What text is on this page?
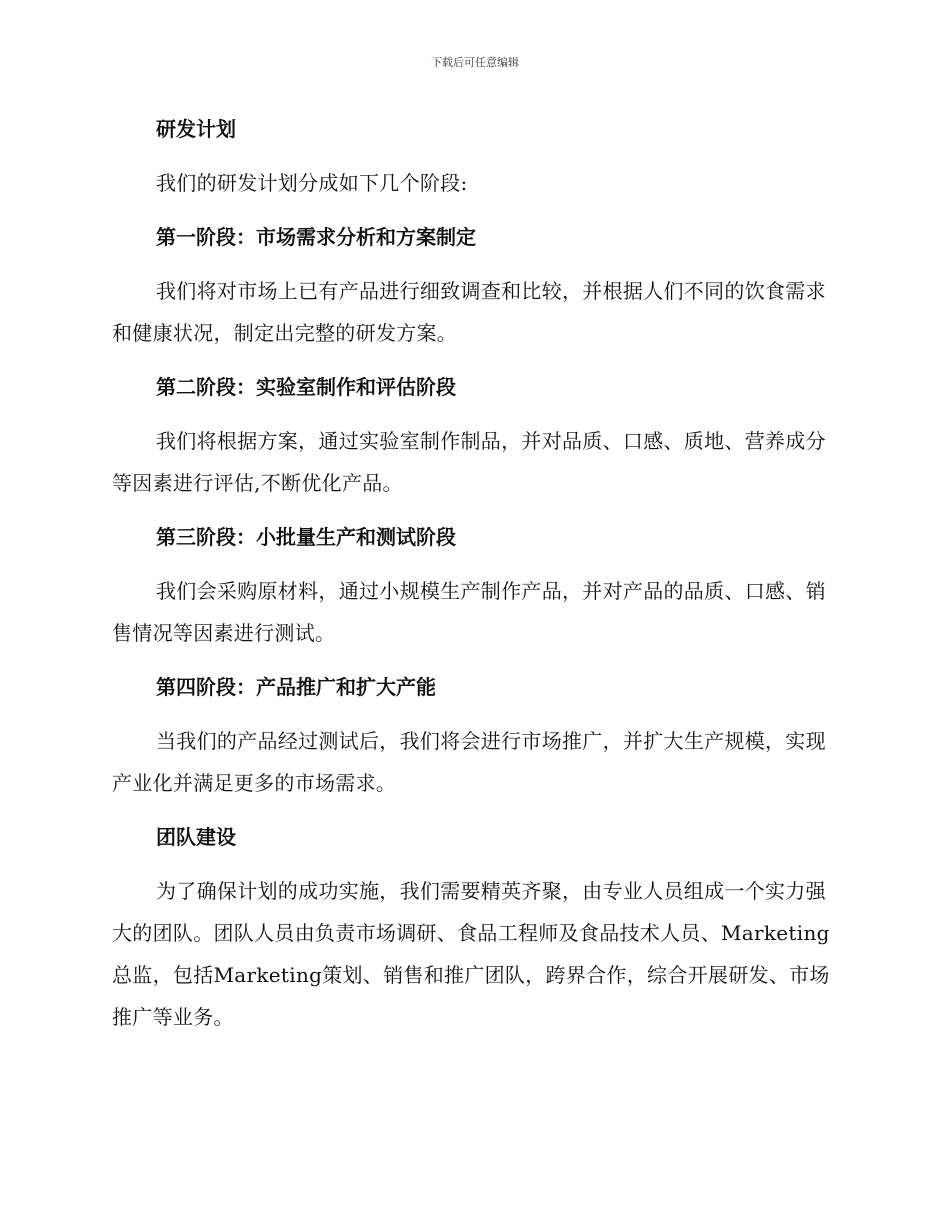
下载后可任意编辑
研发计划
我们的研发计划分成如下几个阶段:
第一阶段：市场需求分析和方案制定
我们将对市场上已有产品进行细致调查和比较，并根据人们不同的饮食需求和健康状况，制定出完整的研发方案。
第二阶段：实验室制作和评估阶段
我们将根据方案，通过实验室制作制品，并对品质、口感、质地、营养成分等因素进行评估,不断优化产品。
第三阶段：小批量生产和测试阶段
我们会采购原材料，通过小规模生产制作产品，并对产品的品质、口感、销售情况等因素进行测试。
第四阶段：产品推广和扩大产能
当我们的产品经过测试后，我们将会进行市场推广，并扩大生产规模，实现产业化并满足更多的市场需求。
团队建设
为了确保计划的成功实施，我们需要精英齐聚，由专业人员组成一个实力强大的团队。团队人员由负责市场调研、食品工程师及食品技术人员、Marketing总监，包括Marketing策划、销售和推广团队，跨界合作，综合开展研发、市场推广等业务。
